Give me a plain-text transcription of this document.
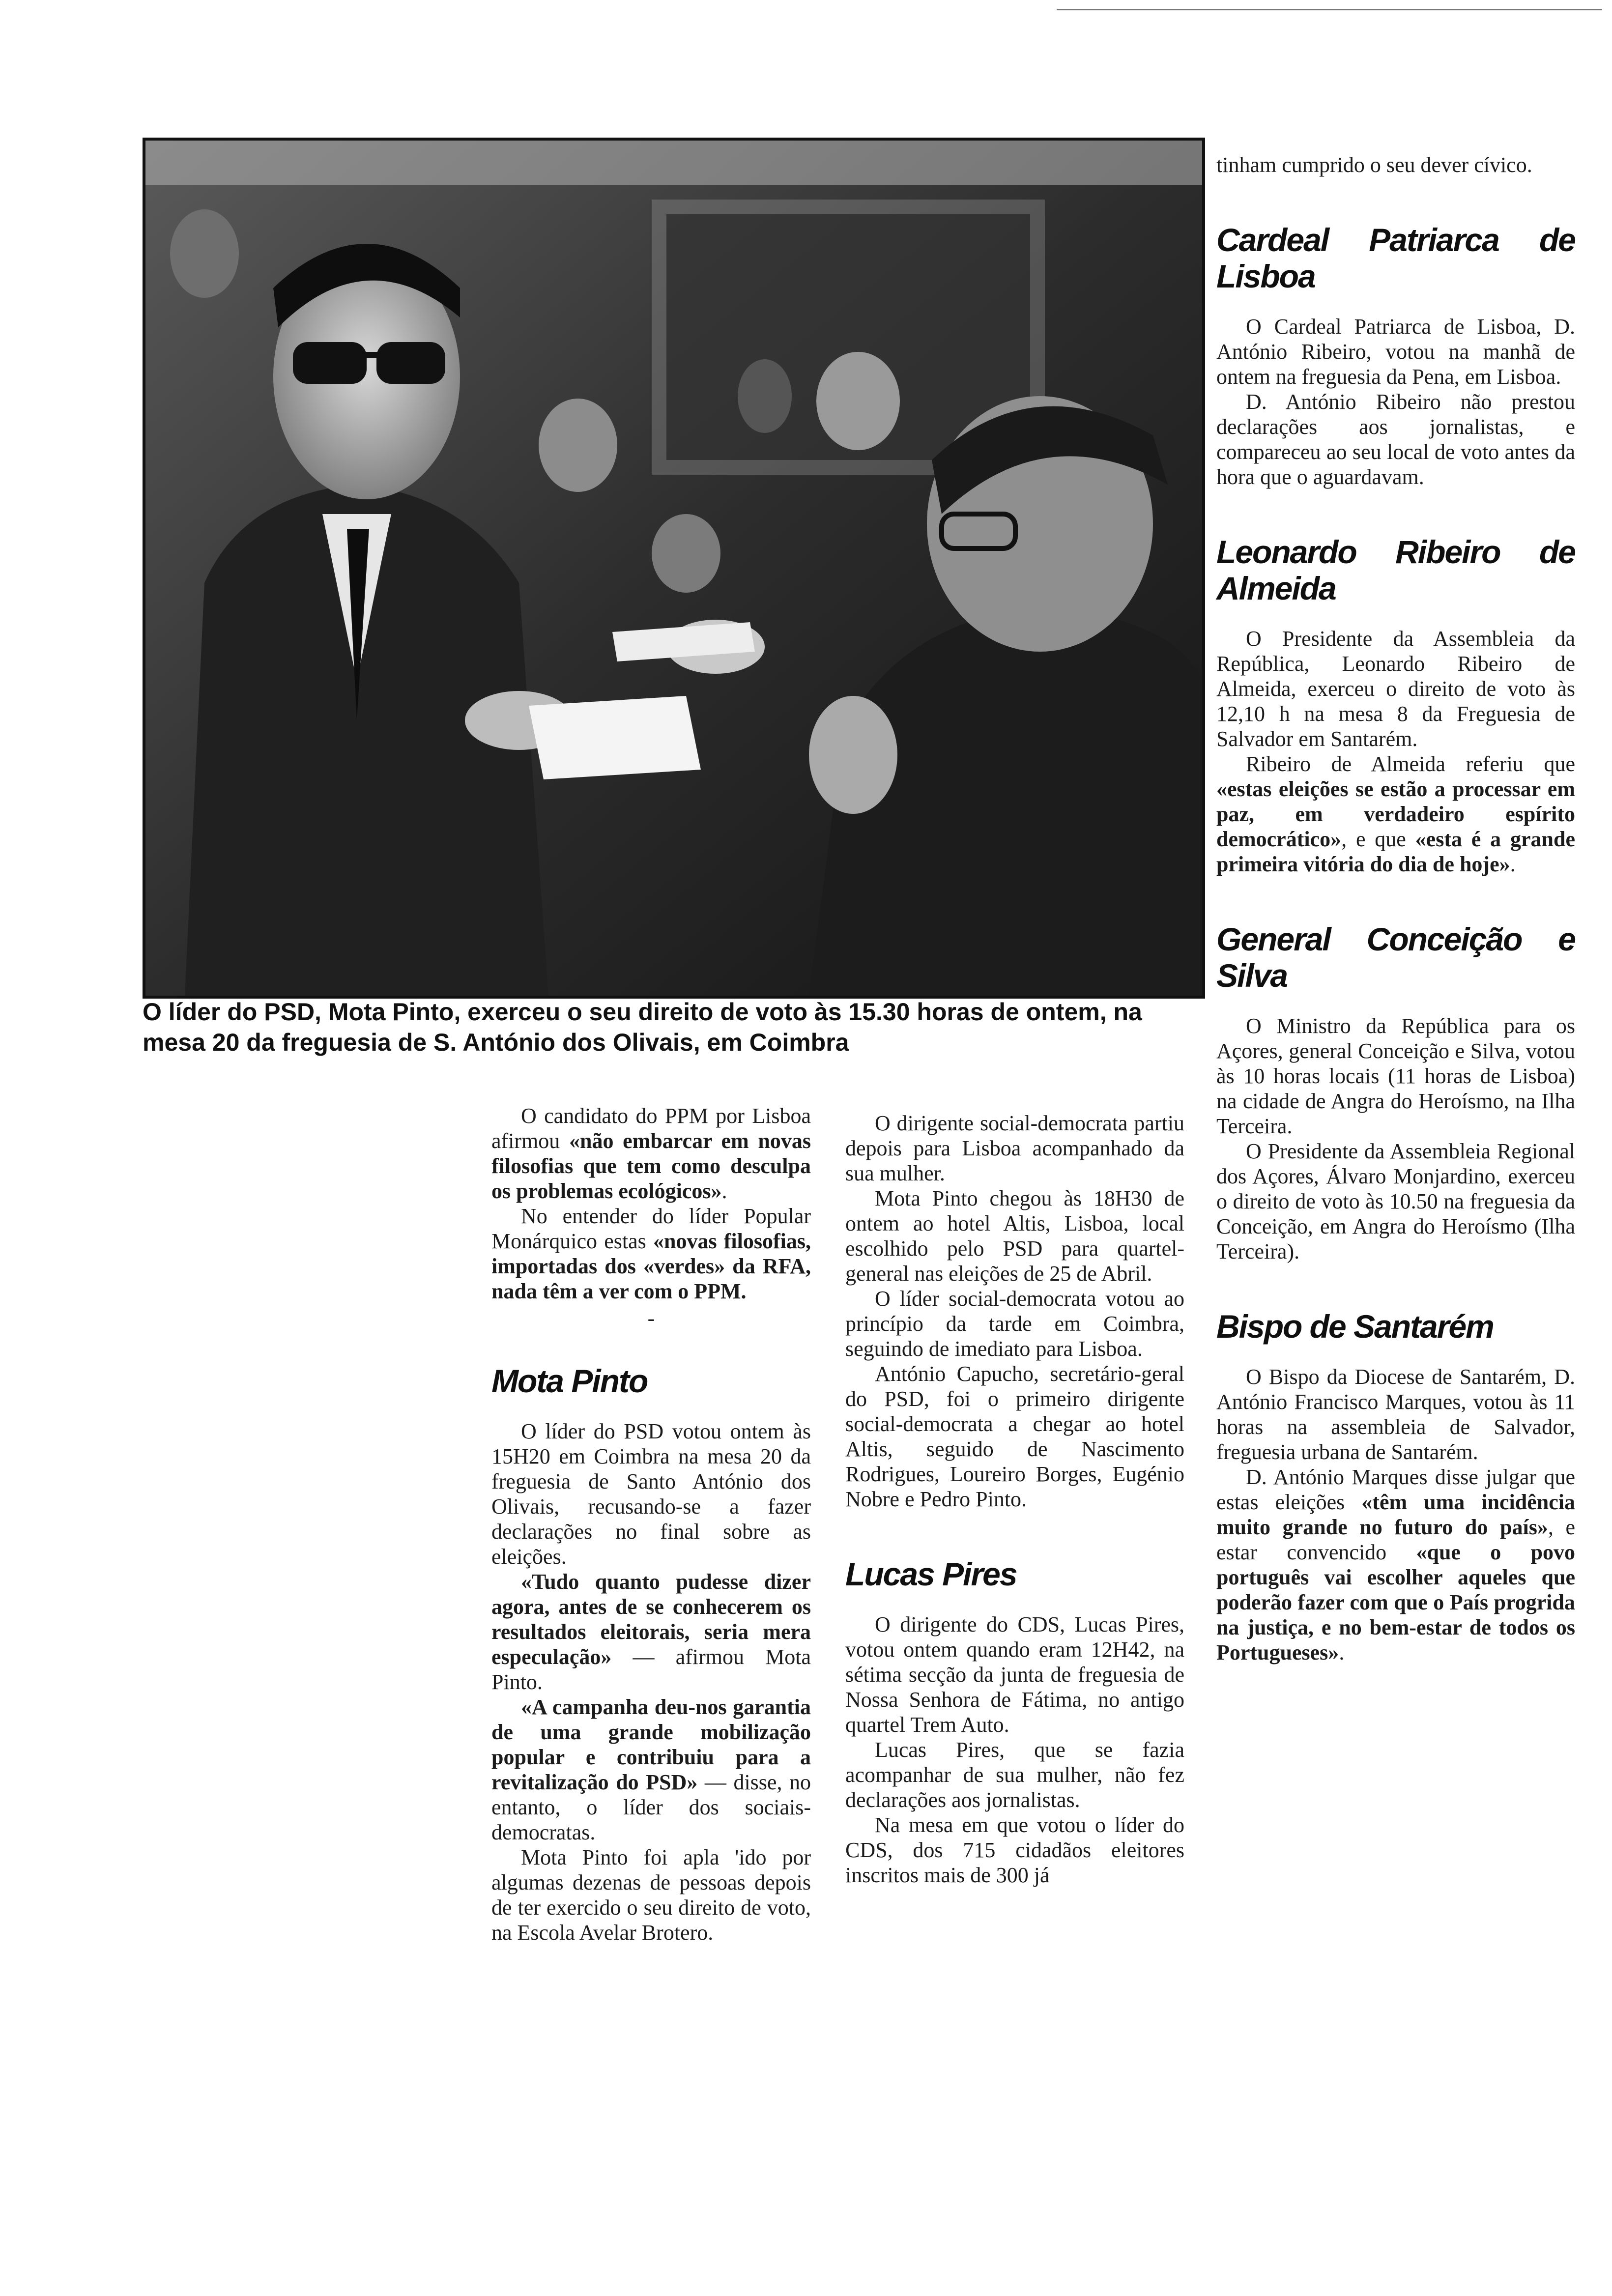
O líder do PSD, Mota Pinto, exerceu o seu direito de voto às 15.30 horas de ontem, na mesa 20 da freguesia de S. António dos Olivais, em Coimbra

tinham cumprido o seu dever cívico.

Cardeal Patriarca de Lisboa

O Cardeal Patriarca de Lisboa, D. António Ribeiro, votou na manhã de ontem na freguesia da Pena, em Lisboa.

D. António Ribeiro não prestou declarações aos jornalistas, e compareceu ao seu local de voto antes da hora que o aguardavam.

Leonardo Ribeiro de Almeida

O Presidente da Assembleia da República, Leonardo Ribeiro de Almeida, exerceu o direito de voto às 12,10 h na mesa 8 da Freguesia de Salvador em Santarém.

Ribeiro de Almeida referiu que «estas eleições se estão a processar em paz, em verdadeiro espírito democrático», e que «esta é a grande primeira vitória do dia de hoje».

General Conceição e Silva

O Ministro da República para os Açores, general Conceição e Silva, votou às 10 horas locais (11 horas de Lisboa) na cidade de Angra do Heroísmo, na Ilha Terceira.

O Presidente da Assembleia Regional dos Açores, Álvaro Monjardino, exerceu o direito de voto às 10.50 na freguesia da Conceição, em Angra do Heroísmo (Ilha Terceira).

Bispo de Santarém

O Bispo da Diocese de Santarém, D. António Francisco Marques, votou às 11 horas na assembleia de Salvador, freguesia urbana de Santarém.

D. António Marques disse julgar que estas eleições «têm uma incidência muito grande no futuro do país», e estar convencido «que o povo português vai escolher aqueles que poderão fazer com que o País progrida na justiça, e no bem-estar de todos os Portugueses».

O dirigente social-democrata partiu depois para Lisboa acompanhado da sua mulher.

Mota Pinto chegou às 18H30 de ontem ao hotel Altis, Lisboa, local escolhido pelo PSD para quartel-general nas eleições de 25 de Abril.

O líder social-democrata votou ao princípio da tarde em Coimbra, seguindo de imediato para Lisboa.

António Capucho, secretário-geral do PSD, foi o primeiro dirigente social-democrata a chegar ao hotel Altis, seguido de Nascimento Rodrigues, Loureiro Borges, Eugénio Nobre e Pedro Pinto.

Lucas Pires

O dirigente do CDS, Lucas Pires, votou ontem quando eram 12H42, na sétima secção da junta de freguesia de Nossa Senhora de Fátima, no antigo quartel Trem Auto.

Lucas Pires, que se fazia acompanhar de sua mulher, não fez declarações aos jornalistas.

Na mesa em que votou o líder do CDS, dos 715 cidadãos eleitores inscritos mais de 300 já

O candidato do PPM por Lisboa afirmou «não embarcar em novas filosofias que tem como desculpa os problemas ecológicos».

No entender do líder Popular Monárquico estas «novas filosofias, importadas dos «verdes» da RFA, nada têm a ver com o PPM.

-
Mota Pinto

O líder do PSD votou ontem às 15H20 em Coimbra na mesa 20 da freguesia de Santo António dos Olivais, recusando-se a fazer declarações no final sobre as eleições.

«Tudo quanto pudesse dizer agora, antes de se conhecerem os resultados eleitorais, seria mera especulação» — afirmou Mota Pinto.

«A campanha deu-nos garantia de uma grande mobilização popular e contribuiu para a revitalização do PSD» — disse, no entanto, o líder dos sociais-democratas.

Mota Pinto foi apla 'ido por algumas dezenas de pessoas depois de ter exercido o seu direito de voto, na Escola Avelar Brotero.
